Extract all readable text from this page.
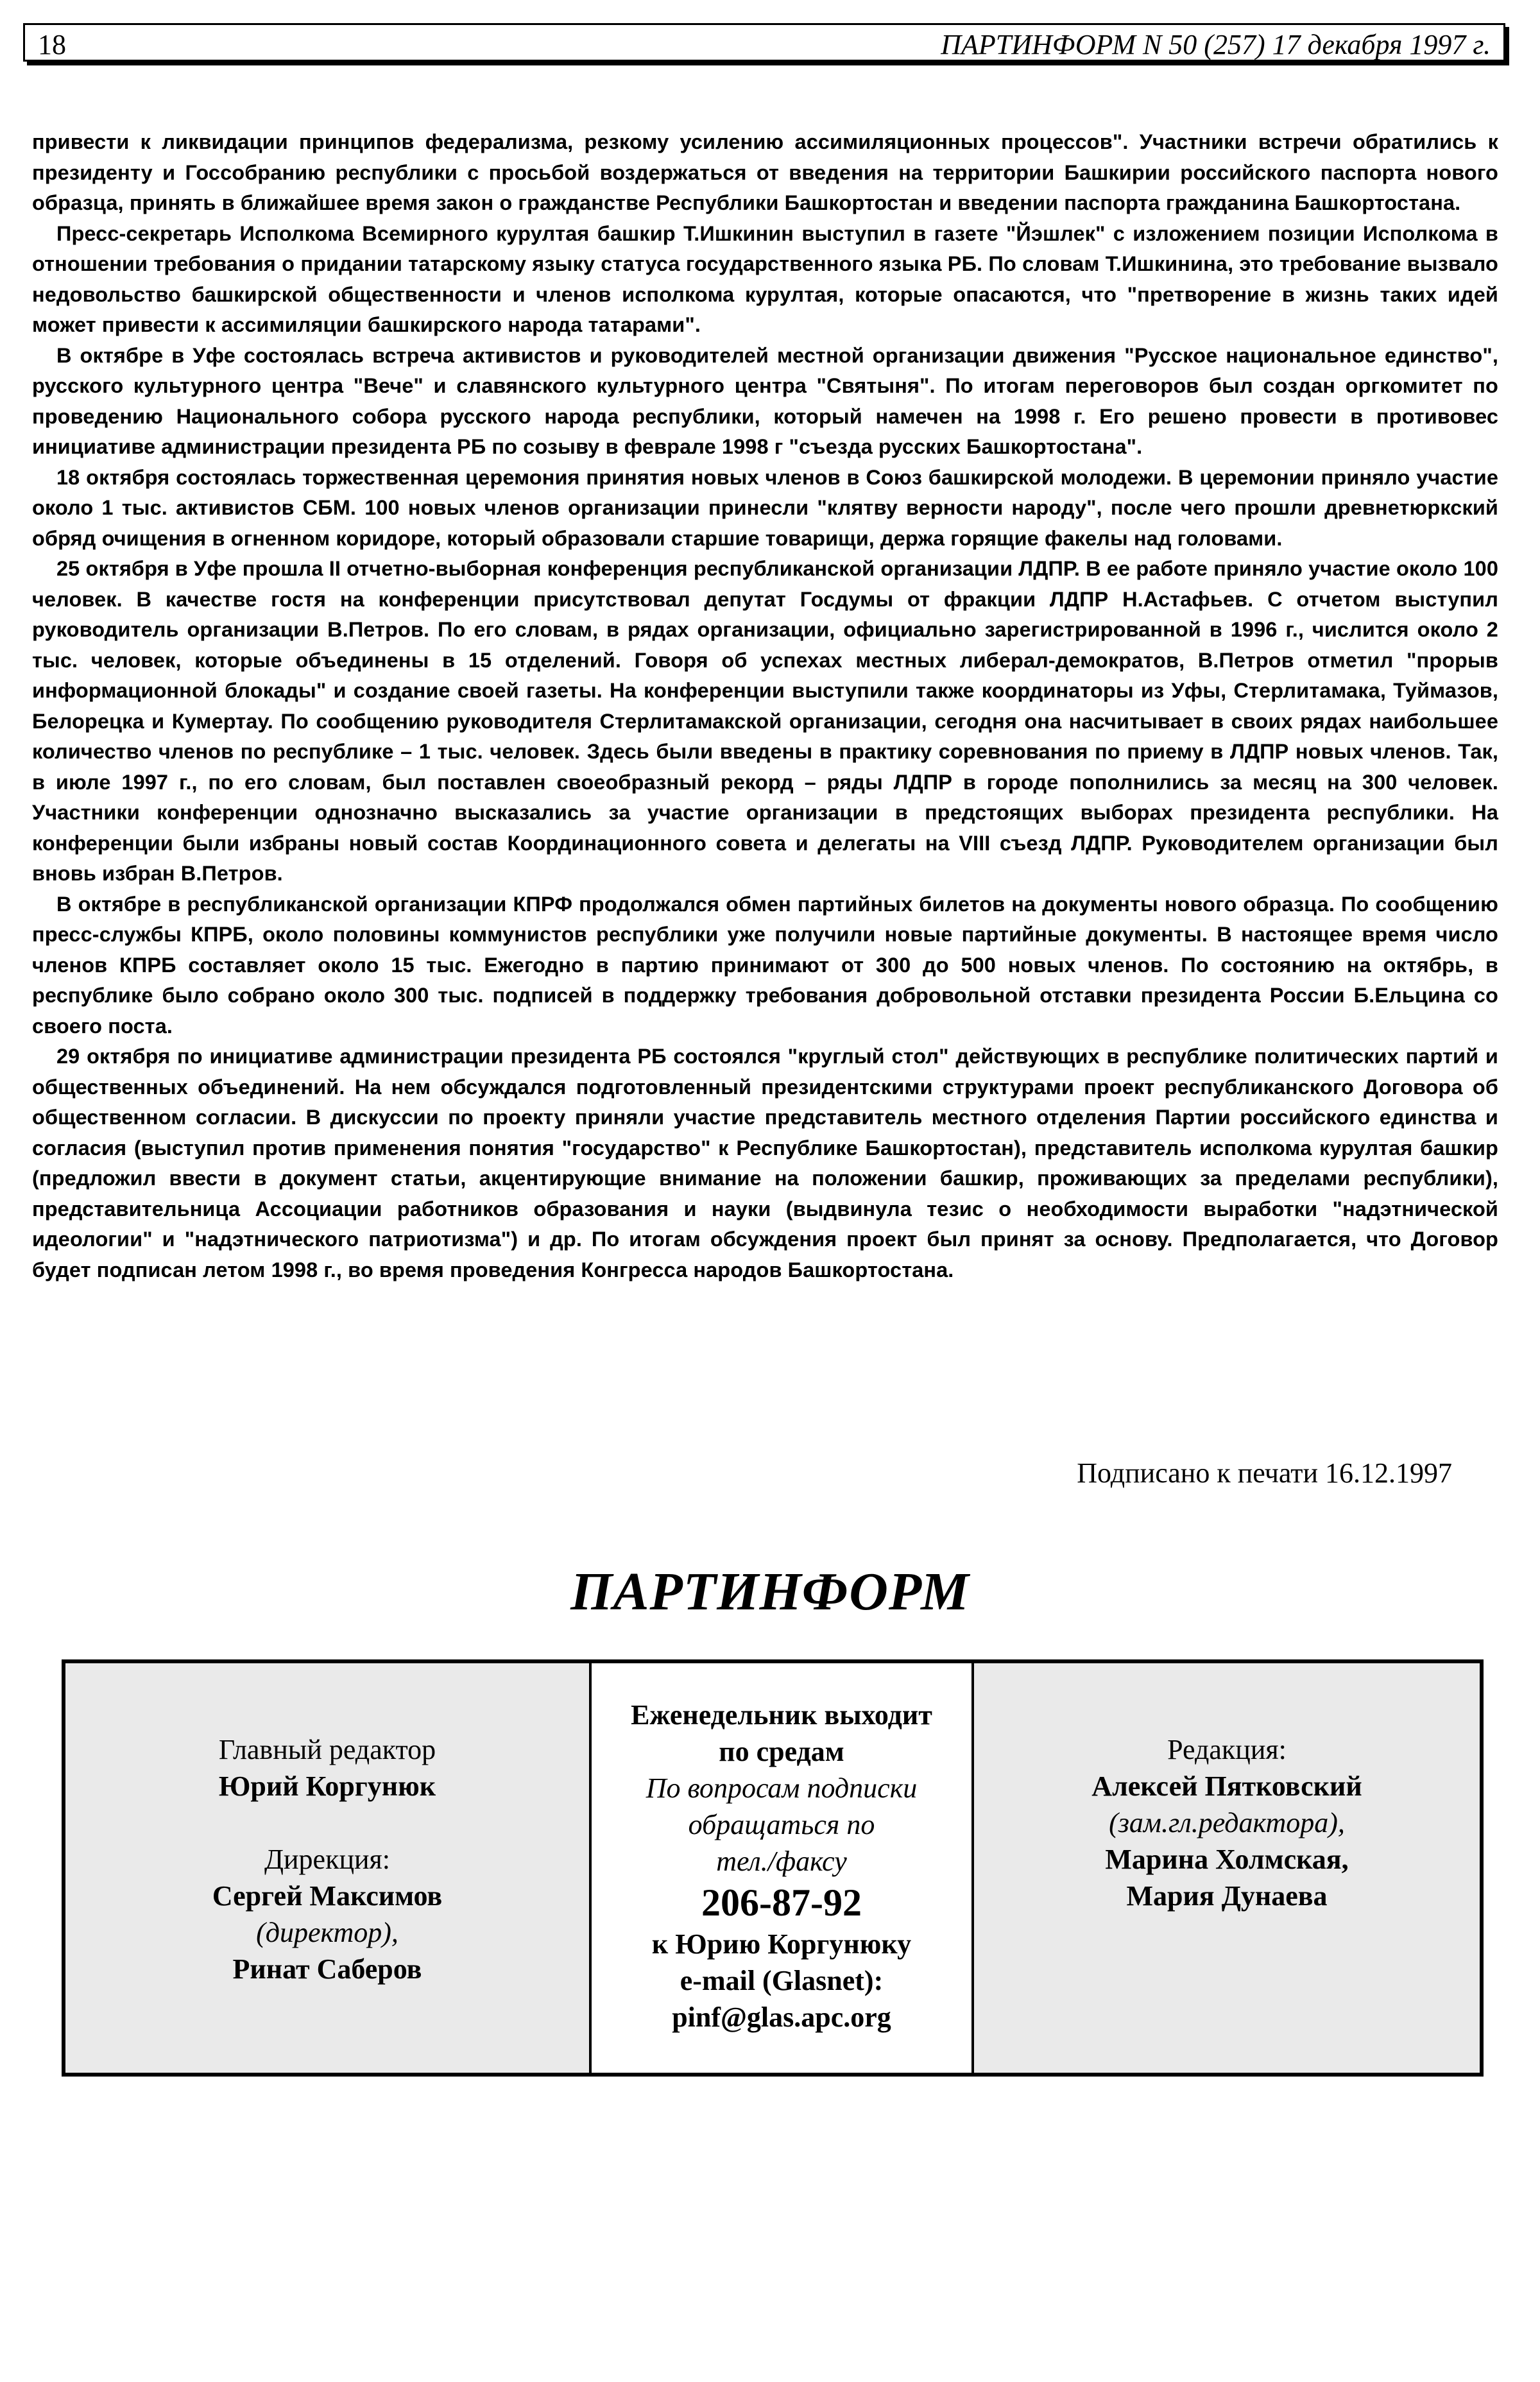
18	ПАРТИНФОРМ N 50 (257) 17 декабря 1997 г.

привести к ликвидации принципов федерализма, резкому усилению ассимиляционных процессов". Участники встречи обратились к президенту и Госсобранию республики с просьбой воздержаться от введения на территории Башкирии российского паспорта нового образца, принять в ближайшее время закон о гражданстве Республики Башкортостан и введении паспорта гражданина Башкортостана.

Пресс-секретарь Исполкома Всемирного курултая башкир Т.Ишкинин выступил в газете "Йэшлек" с изложением позиции Исполкома в отношении требования о придании татарскому языку статуса государственного языка РБ. По словам Т.Ишкинина, это требование вызвало недовольство башкирской общественности и членов исполкома курултая, которые опасаются, что "претворение в жизнь таких идей может привести к ассимиляции башкирского народа татарами".

В октябре в Уфе состоялась встреча активистов и руководителей местной организации движения "Русское национальное единство", русского культурного центра "Вече" и славянского культурного центра "Святыня". По итогам переговоров был создан оргкомитет по проведению Национального собора русского народа республики, который намечен на 1998 г. Его решено провести в противовес инициативе администрации президента РБ по созыву в феврале 1998 г "съезда русских Башкортостана".

18 октября состоялась торжественная церемония принятия новых членов в Союз башкирской молодежи. В церемонии приняло участие около 1 тыс. активистов СБМ. 100 новых членов организации принесли "клятву верности народу", после чего прошли древнетюркский обряд очищения в огненном коридоре, который образовали старшие товарищи, держа горящие факелы над головами.

25 октября в Уфе прошла II отчетно-выборная конференция республиканской организации ЛДПР. В ее работе приняло участие около 100 человек. В качестве гостя на конференции присутствовал депутат Госдумы от фракции ЛДПР Н.Астафьев. С отчетом выступил руководитель организации В.Петров. По его словам, в рядах организации, официально зарегистрированной в 1996 г., числится около 2 тыс. человек, которые объединены в 15 отделений. Говоря об успехах местных либерал-демократов, В.Петров отметил "прорыв информационной блокады" и создание своей газеты. На конференции выступили также координаторы из Уфы, Стерлитамака, Туймазов, Белорецка и Кумертау. По сообщению руководителя Стерлитамакской организации, сегодня она насчитывает в своих рядах наибольшее количество членов по республике – 1 тыс. человек. Здесь были введены в практику соревнования по приему в ЛДПР новых членов. Так, в июле 1997 г., по его словам, был поставлен своеобразный рекорд – ряды ЛДПР в городе пополнились за месяц на 300 человек. Участники конференции однозначно высказались за участие организации в предстоящих выборах президента республики. На конференции были избраны новый состав Координационного совета и делегаты на VIII съезд ЛДПР. Руководителем организации был вновь избран В.Петров.

В октябре в республиканской организации КПРФ продолжался обмен партийных билетов на документы нового образца. По сообщению пресс-службы КПРБ, около половины коммунистов республики уже получили новые партийные документы. В настоящее время число членов КПРБ составляет около 15 тыс. Ежегодно в партию принимают от 300 до 500 новых членов. По состоянию на октябрь, в республике было собрано около 300 тыс. подписей в поддержку требования добровольной отставки президента России Б.Ельцина со своего поста.

29 октября по инициативе администрации президента РБ состоялся "круглый стол" действующих в республике политических партий и общественных объединений. На нем обсуждался подготовленный президентскими структурами проект республиканского Договора об общественном согласии. В дискуссии по проекту приняли участие представитель местного отделения Партии российского единства и согласия (выступил против применения понятия "государство" к Республике Башкортостан), представитель исполкома курултая башкир (предложил ввести в документ статьи, акцентирующие внимание на положении башкир, проживающих за пределами республики), представительница Ассоциации работников образования и науки (выдвинула тезис о необходимости выработки "надэтнической идеологии" и "надэтнического патриотизма") и др. По итогам обсуждения проект был принят за основу. Предполагается, что Договор будет подписан летом 1998 г., во время проведения Конгресса народов Башкортостана.

Подписано к печати 16.12.1997
ПАРТИНФОРМ
Главный редактор
Юрий Коргунюк
Дирекция:
Сергей Максимов
(директор),
Ринат Саберов
Еженедельник выходит
по средам
По вопросам подписки
обращаться по
тел./факсу
206-87-92
к Юрию Коргунюку
e-mail (Glasnet):
pinf@glas.apc.org
Редакция:
Алексей Пятковский
(зам.гл.редактора),
Марина Холмская,
Мария Дунаева
